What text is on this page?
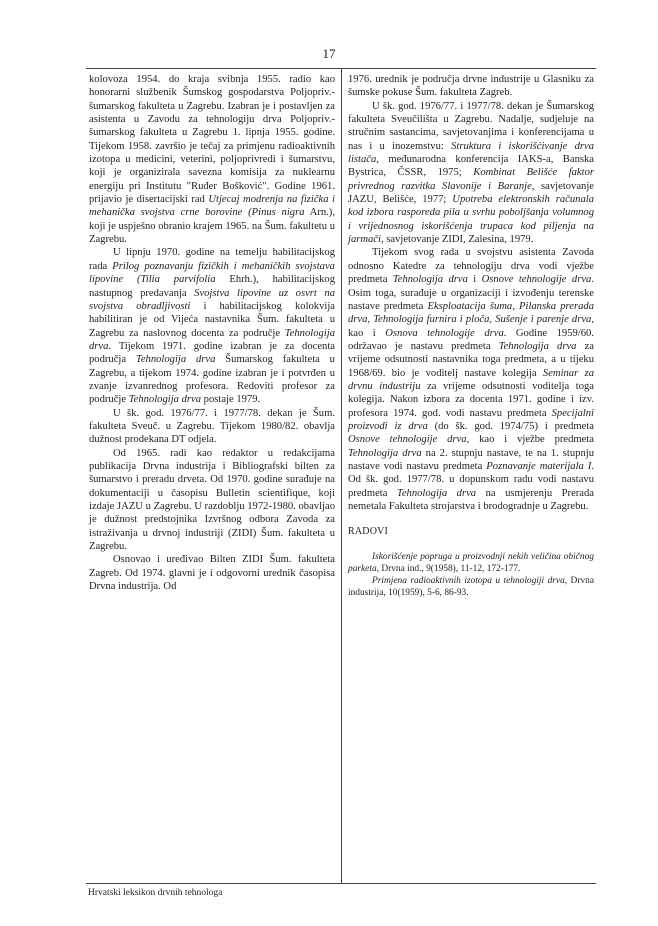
17

kolovoza 1954. do kraja svibnja 1955. radio kao honorarni službenik Šumskog gospodarstva Poljopriv.-šumarskog fakulteta u Zagrebu. Izabran je i postavljen za asistenta u Zavodu za tehnologiju drva Poljopriv.-šumarskog fakulteta u Zagrebu 1. lipnja 1955. godine. Tijekom 1958. završio je tečaj za primjenu radioaktivnih izotopa u medicini, veterini, poljoprivredi i šumarstvu, koji je organizirala savezna komisija za nuklearnu energiju pri Institutu "Ruđer Bošković". Godine 1961. prijavio je disertacijski rad Utjecaj modrenja na fizička i mehanička svojstva crne borovine (Pinus nigra Arn.), koji je uspješno obranio krajem 1965. na Šum. fakultetu u Zagrebu.

U lipnju 1970. godine na temelju habilitacijskog rada Prilog poznavanju fizičkih i mehaničkih svojstava lipovine (Tilia parvifolia Ehrh.), habilitacijskog nastupnog predavanja Svojstva lipovine uz osvrt na svojstva obradljivosti i habilitacijskog kolokvija habilitiran je od Vijeća nastavnika Šum. fakulteta u Zagrebu za naslovnog docenta za područje Tehnologija drva. Tijekom 1971. godine izabran je za docenta područja Tehnologija drva Šumarskog fakulteta u Zagrebu, a tijekom 1974. godine izabran je i potvrđen u zvanje izvanrednog profesora. Redoviti profesor za područje Tehnologija drva postaje 1979.

U šk. god. 1976/77. i 1977/78. dekan je Šum. fakulteta Sveuč. u Zagrebu. Tijekom 1980/82. obavlja dužnost prodekana DT odjela.

Od 1965. radi kao redaktor u redakcijama publikacija Drvna industrija i Bibliografski bilten za šumarstvo i preradu drveta. Od 1970. godine surađuje na dokumentaciji u časopisu Bulletin scientifique, koji izdaje JAZU u Zagrebu. U razdoblju 1972-1980. obavljao je dužnost predstojnika Izvršnog odbora Zavoda za istraživanja u drvnoj industriji (ZIDI) Šum. fakulteta u Zagrebu.

Osnovao i uređivao Bilten ZIDI Šum. fakulteta Zagreb. Od 1974. glavni je i odgovorni urednik časopisa Drvna industrija. Od

1976. urednik je područja drvne industrije u Glasniku za šumske pokuse Šum. fakulteta Zagreb.

U šk. god. 1976/77. i 1977/78. dekan je Šumarskog fakulteta Sveučilišta u Zagrebu. Nadalje, sudjeluje na stručnim sastancima, savjetovanjima i konferencijama u nas i u inozemstvu: Struktura i iskorišćivanje drva listača, međunarodna konferencija IAKS-a, Banska Bystrica, ČSSR, 1975; Kombinat Belišće faktor privrednog razvitka Slavonije i Baranje, savjetovanje JAZU, Belišće, 1977; Upotreba elektronskih računala kod izbora rasporeda pila u svrhu poboljšanja volumnog i vrijednosnog iskorišćenja trupaca kod piljenja na jarmači, savjetovanje ZIDI, Zalesina, 1979.

Tijekom svog rada u svojstvu asistenta Zavoda odnosno Katedre za tehnologiju drva vodi vježbe predmeta Tehnologija drva i Osnove tehnologije drva. Osim toga, surađuje u organizaciji i izvođenju terenske nastave predmeta Eksploatacija šuma, Pilanska prerada drva, Tehnologija furnira i ploča, Sušenje i parenje drva, kao i Osnova tehnologije drva. Godine 1959/60. održavao je nastavu predmeta Tehnologija drva za vrijeme odsutnosti nastavnika toga predmeta, a u tijeku 1968/69. bio je voditelj nastave kolegija Seminar za drvnu industriju za vrijeme odsutnosti voditelja toga kolegija. Nakon izbora za docenta 1971. godine i izv. profesora 1974. god. vodi nastavu predmeta Specijalni proizvodi iz drva (do šk. god. 1974/75) i predmeta Osnove tehnologije drva, kao i vježbe predmeta Tehnologija drva na 2. stupnju nastave, te na 1. stupnju nastave vodi nastavu predmeta Poznavanje materijala I. Od šk. god. 1977/78. u dopunskom radu vodi nastavu predmeta Tehnologija drva na usmjerenju Prerada nemetala Fakulteta strojarstva i brodogradnje u Zagrebu.

RADOVI

Iskorišćenje popruga u proizvodnji nekih veličina običnog parketa, Drvna ind., 9(1958), 11-12, 172-177.

Primjena radioaktivnih izotopa u tehnologiji drva, Drvna industrija, 10(1959), 5-6, 86-93.

Hrvatski leksikon drvnih tehnologa
